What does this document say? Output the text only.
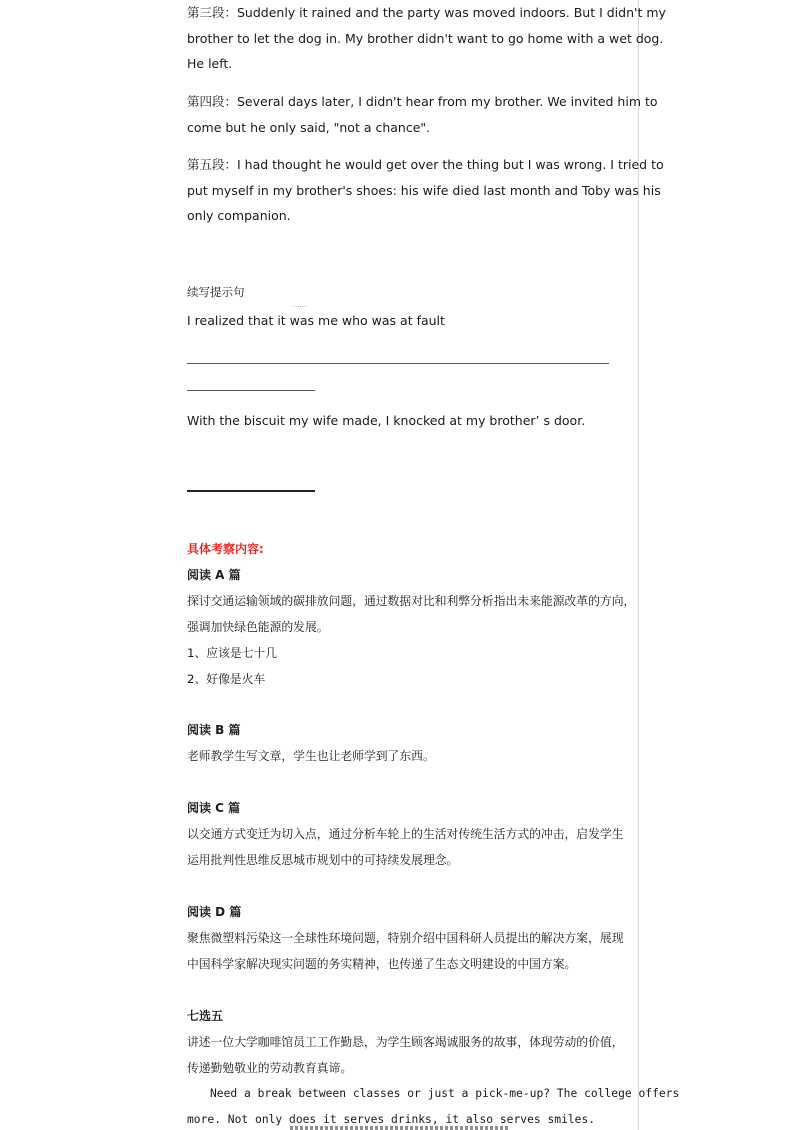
第三段：Suddenly it rained and the party was moved indoors. But I didn't my

brother to let the dog in. My brother didn't want to go home with a wet dog.

He left.

第四段：Several days later, I didn't hear from my brother. We invited him to

come but he only said, "not a chance".

第五段：I had thought he would get over the thing but I was wrong. I tried to

put myself in my brother's shoes: his wife died last month and Toby was his

only companion.

续写提示句

......

I realized that it was me who was at fault

With the biscuit my wife made, I knocked at my brother’ s door.

具体考察内容:

阅读 A 篇

探讨交通运输领域的碳排放问题，通过数据对比和利弊分析指出未来能源改革的方向，

强调加快绿色能源的发展。

1、应该是七十几

2、好像是火车

阅读 B 篇

老师教学生写文章，学生也让老师学到了东西。

阅读 C 篇

以交通方式变迁为切入点，通过分析车轮上的生活对传统生活方式的冲击，启发学生

运用批判性思维反思城市规划中的可持续发展理念。

阅读 D 篇

聚焦微塑料污染这一全球性环境问题，特别介绍中国科研人员提出的解决方案，展现

中国科学家解决现实问题的务实精神，也传递了生态文明建设的中国方案。

七选五

讲述一位大学咖啡馆员工工作勤恳，为学生顾客竭诚服务的故事，体现劳动的价值，

传递勤勉敬业的劳动教育真谛。

Need a break between classes or just a pick-me-up? The college offers

more. Not only does it serves drinks, it also serves smiles.
